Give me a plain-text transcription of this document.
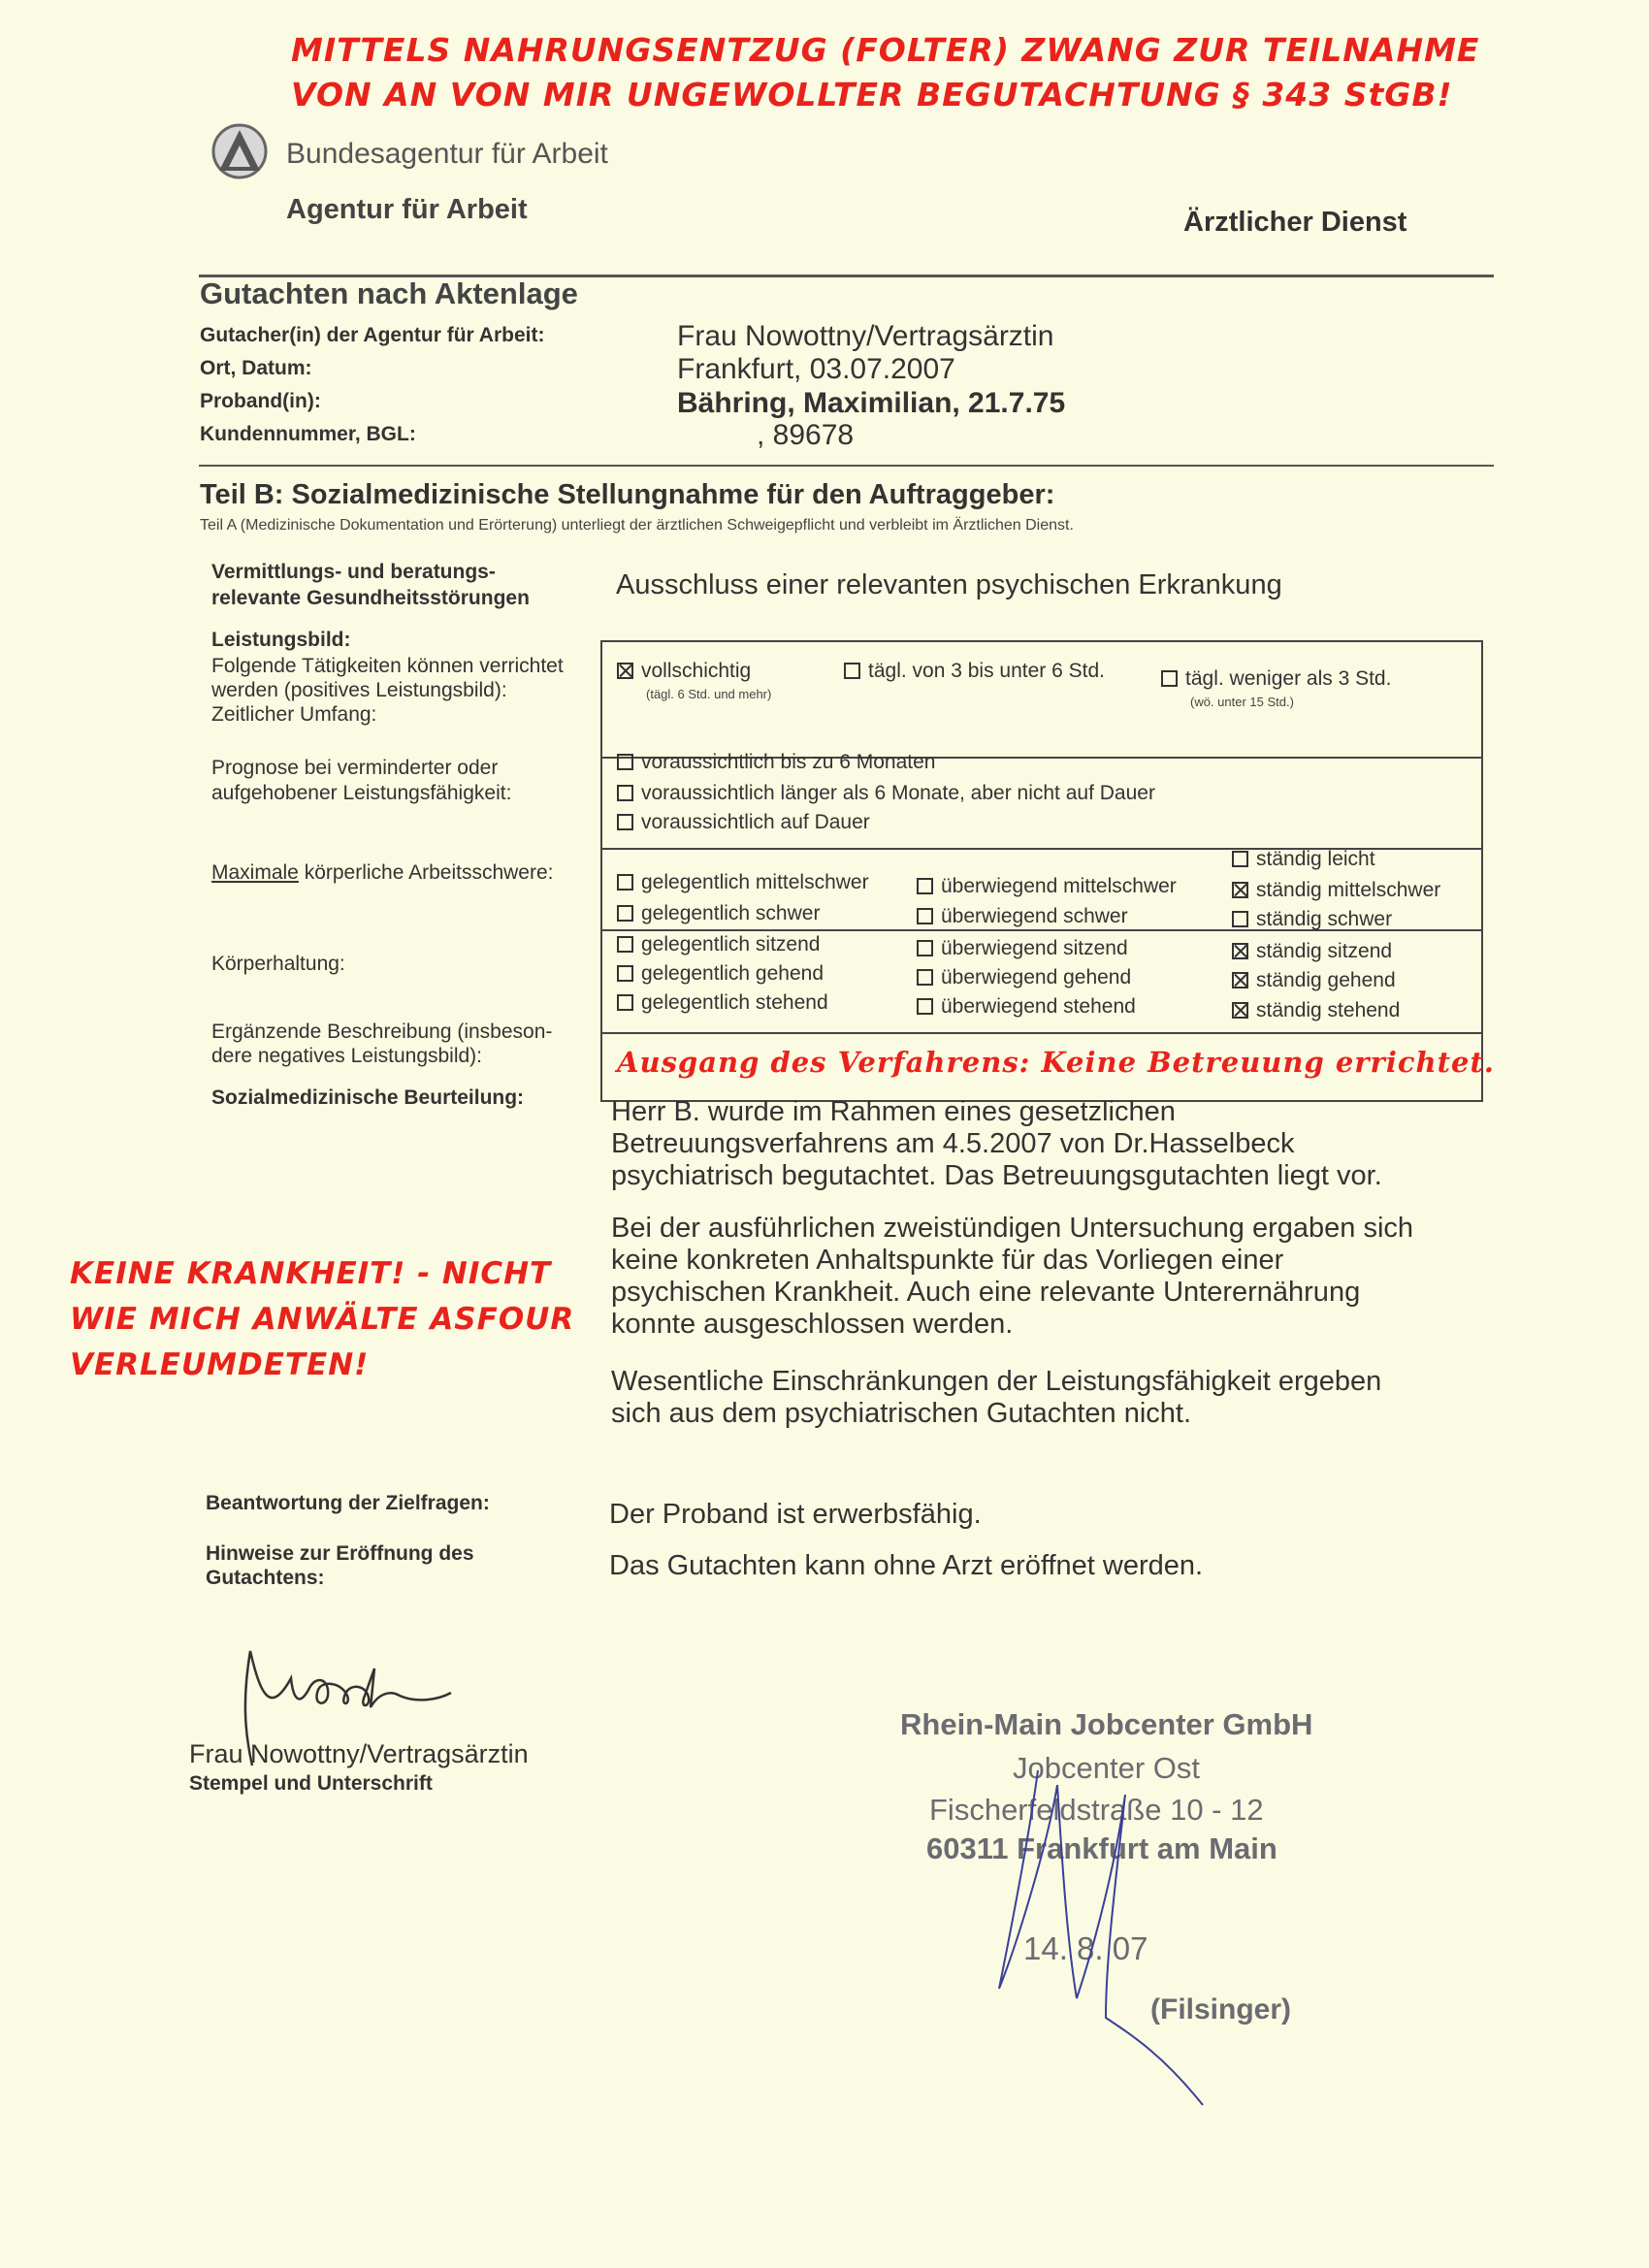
MITTELS NAHRUNGSENTZUG (FOLTER) ZWANG ZUR TEILNAHME
VON AN VON MIR UNGEWOLLTER BEGUTACHTUNG § 343 StGB!
Bundesagentur für Arbeit
Agentur für Arbeit	Ärztlicher Dienst
Gutachten nach Aktenlage
Gutacher(in) der Agentur für Arbeit:	Frau Nowottny/Vertragsärztin
Ort, Datum:	Frankfurt, 03.07.2007
Proband(in):	Bähring, Maximilian, 21.7.75
Kundennummer, BGL:	, 89678
Teil B: Sozialmedizinische Stellungnahme für den Auftraggeber:
Teil A (Medizinische Dokumentation und Erörterung) unterliegt der ärztlichen Schweigepflicht und verbleibt im Ärztlichen Dienst.
Vermittlungs- und beratungs-
relevante Gesundheitsstörungen	Ausschluss einer relevanten psychischen Erkrankung
Leistungsbild:
Folgende Tätigkeiten können verrichtet
werden (positives Leistungsbild):
Zeitlicher Umfang:
Prognose bei verminderter oder
aufgehobener Leistungsfähigkeit:
Maximale körperliche Arbeitsschwere:
Körperhaltung:
Ergänzende Beschreibung (insbeson-
dere negatives Leistungsbild):
Sozialmedizinische Beurteilung:
vollschichtig
(tägl. 6 Std. und mehr)
tägl. von 3 bis unter 6 Std.	tägl. weniger als 3 Std.
(wö. unter 15 Std.)
voraussichtlich bis zu 6 Monaten
voraussichtlich länger als 6 Monate, aber nicht auf Dauer
voraussichtlich auf Dauer
ständig leicht
gelegentlich mittelschwer	überwiegend mittelschwer	ständig mittelschwer
gelegentlich schwer	überwiegend schwer	ständig schwer
gelegentlich sitzend	überwiegend sitzend	ständig sitzend
gelegentlich gehend	überwiegend gehend	ständig gehend
gelegentlich stehend	überwiegend stehend	ständig stehend
Ausgang des Verfahrens: Keine Betreuung errichtet.
Herr B. wurde im Rahmen eines gesetzlichen
Betreuungsverfahrens am 4.5.2007 von Dr.Hasselbeck
psychiatrisch begutachtet. Das Betreuungsgutachten liegt vor.
Bei der ausführlichen zweistündigen Untersuchung ergaben sich
keine konkreten Anhaltspunkte für das Vorliegen einer
psychischen Krankheit. Auch eine relevante Unterernährung
konnte ausgeschlossen werden.
Wesentliche Einschränkungen der Leistungsfähigkeit ergeben
sich aus dem psychiatrischen Gutachten nicht.
KEINE KRANKHEIT! - NICHT
WIE MICH ANWÄLTE ASFOUR
VERLEUMDETEN!
Beantwortung der Zielfragen:	Der Proband ist erwerbsfähig.
Hinweise zur Eröffnung des
Gutachtens:	Das Gutachten kann ohne Arzt eröffnet werden.
Frau Nowottny/Vertragsärztin
Stempel und Unterschrift
Rhein-Main Jobcenter GmbH
Jobcenter Ost
Fischerfeldstraße 10 - 12
60311 Frankfurt am Main
14. 8. 07
(Filsinger)
